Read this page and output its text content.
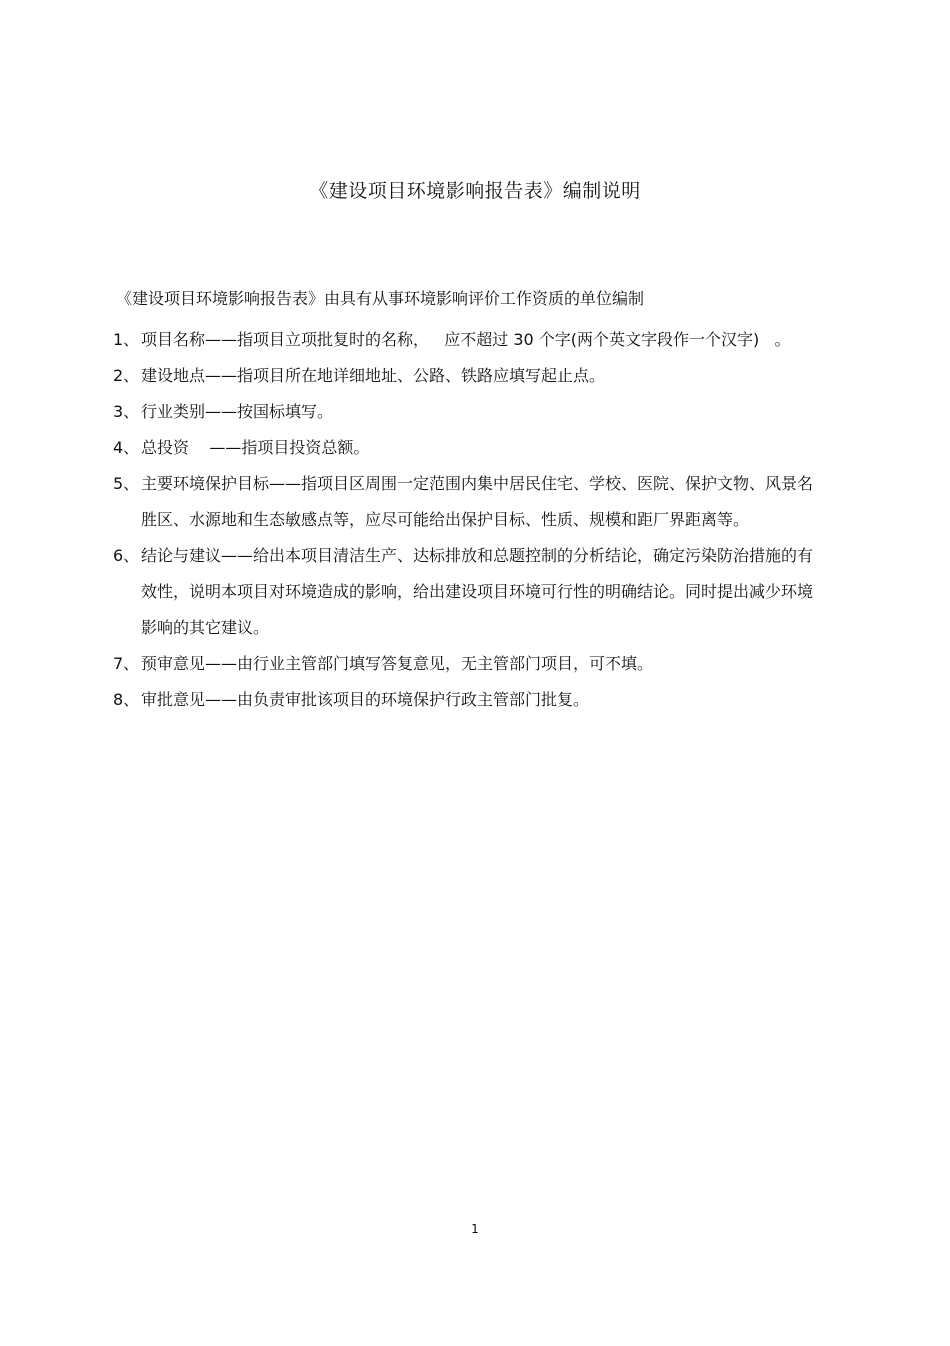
《建设项目环境影响报告表》编制说明
《建设项目环境影响报告表》由具有从事环境影响评价工作资质的单位编制
1、 项目名称——指项目立项批复时的名称，   应不超过 30 个字(两个英文字段作一个汉字)   。
2、 建设地点——指项目所在地详细地址、公路、铁路应填写起止点。
3、 行业类别——按国标填写。
4、 总投资    ——指项目投资总额。
5、 主要环境保护目标——指项目区周围一定范围内集中居民住宅、学校、医院、保护文物、风景名胜区、水源地和生态敏感点等，应尽可能给出保护目标、性质、规模和距厂界距离等。
6、 结论与建议——给出本项目清洁生产、达标排放和总题控制的分析结论，确定污染防治措施的有效性，说明本项目对环境造成的影响，给出建设项目环境可行性的明确结论。同时提出减少环境影响的其它建议。
7、 预审意见——由行业主管部门填写答复意见，无主管部门项目，可不填。
8、 审批意见——由负责审批该项目的环境保护行政主管部门批复。
1
